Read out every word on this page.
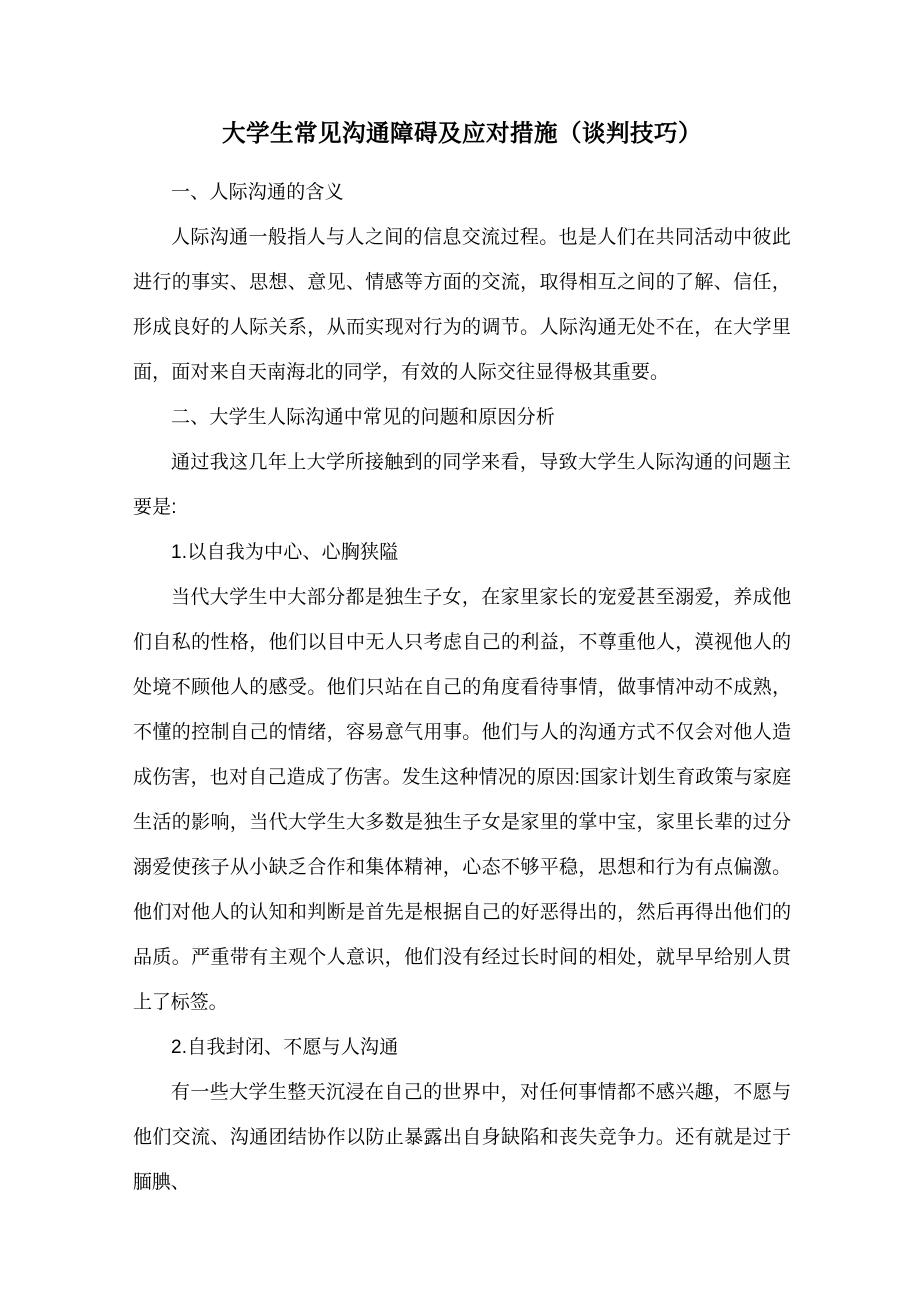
大学生常见沟通障碍及应对措施（谈判技巧）

一、人际沟通的含义

人际沟通一般指人与人之间的信息交流过程。也是人们在共同活动中彼此进行的事实、思想、意见、情感等方面的交流，取得相互之间的了解、信任，形成良好的人际关系，从而实现对行为的调节。人际沟通无处不在，在大学里面，面对来自天南海北的同学，有效的人际交往显得极其重要。

二、大学生人际沟通中常见的问题和原因分析

通过我这几年上大学所接触到的同学来看，导致大学生人际沟通的问题主要是:

1.以自我为中心、心胸狭隘

当代大学生中大部分都是独生子女，在家里家长的宠爱甚至溺爱，养成他们自私的性格，他们以目中无人只考虑自己的利益，不尊重他人，漠视他人的处境不顾他人的感受。他们只站在自己的角度看待事情，做事情冲动不成熟，不懂的控制自己的情绪，容易意气用事。他们与人的沟通方式不仅会对他人造成伤害，也对自己造成了伤害。发生这种情况的原因:国家计划生育政策与家庭生活的影响，当代大学生大多数是独生子女是家里的掌中宝，家里长辈的过分溺爱使孩子从小缺乏合作和集体精神，心态不够平稳，思想和行为有点偏激。他们对他人的认知和判断是首先是根据自己的好恶得出的，然后再得出他们的品质。严重带有主观个人意识，他们没有经过长时间的相处，就早早给别人贯上了标签。

2.自我封闭、不愿与人沟通

有一些大学生整天沉浸在自己的世界中，对任何事情都不感兴趣，不愿与他们交流、沟通团结协作以防止暴露出自身缺陷和丧失竞争力。还有就是过于腼腆、
